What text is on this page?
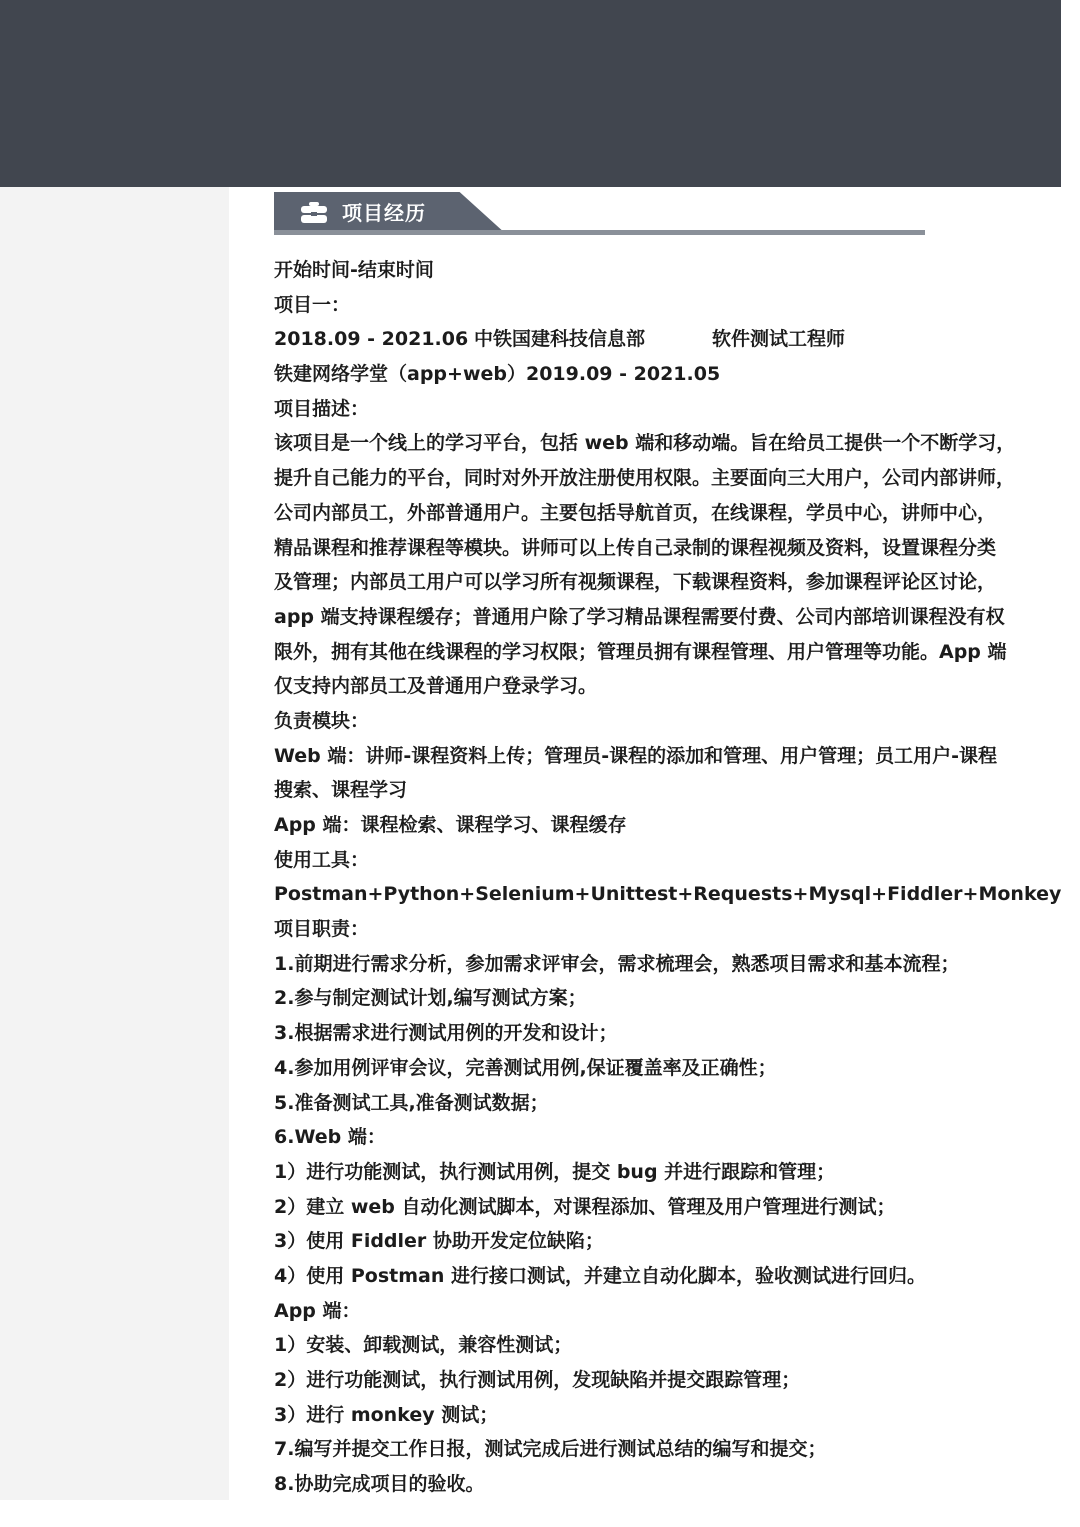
项目经历
开始时间-结束时间
项目一：
2018.09 - 2021.06 中铁国建科技信息部	软件测试工程师
铁建网络学堂（app+web）2019.09 - 2021.05
项目描述：
该项目是一个线上的学习平台，包括 web 端和移动端。旨在给员工提供一个不断学习，
提升自己能力的平台，同时对外开放注册使用权限。主要面向三大用户，公司内部讲师，
公司内部员工，外部普通用户。主要包括导航首页，在线课程，学员中心，讲师中心，
精品课程和推荐课程等模块。讲师可以上传自己录制的课程视频及资料，设置课程分类
及管理；内部员工用户可以学习所有视频课程，下载课程资料，参加课程评论区讨论，
app 端支持课程缓存；普通用户除了学习精品课程需要付费、公司内部培训课程没有权
限外，拥有其他在线课程的学习权限；管理员拥有课程管理、用户管理等功能。App 端
仅支持内部员工及普通用户登录学习。
负责模块：
Web 端：讲师-课程资料上传；管理员-课程的添加和管理、用户管理；员工用户-课程
搜索、课程学习
App 端：课程检索、课程学习、课程缓存
使用工具：
Postman+Python+Selenium+Unittest+Requests+Mysql+Fiddler+Monkey
项目职责：
1.前期进行需求分析，参加需求评审会，需求梳理会，熟悉项目需求和基本流程；
2.参与制定测试计划,编写测试方案；
3.根据需求进行测试用例的开发和设计；
4.参加用例评审会议，完善测试用例,保证覆盖率及正确性；
5.准备测试工具,准备测试数据；
6.Web 端：
1）进行功能测试，执行测试用例，提交 bug 并进行跟踪和管理；
2）建立 web 自动化测试脚本，对课程添加、管理及用户管理进行测试；
3）使用 Fiddler 协助开发定位缺陷；
4）使用 Postman 进行接口测试，并建立自动化脚本，验收测试进行回归。
App 端：
1）安装、卸载测试，兼容性测试；
2）进行功能测试，执行测试用例，发现缺陷并提交跟踪管理；
3）进行 monkey 测试；
7.编写并提交工作日报，测试完成后进行测试总结的编写和提交；
8.协助完成项目的验收。
